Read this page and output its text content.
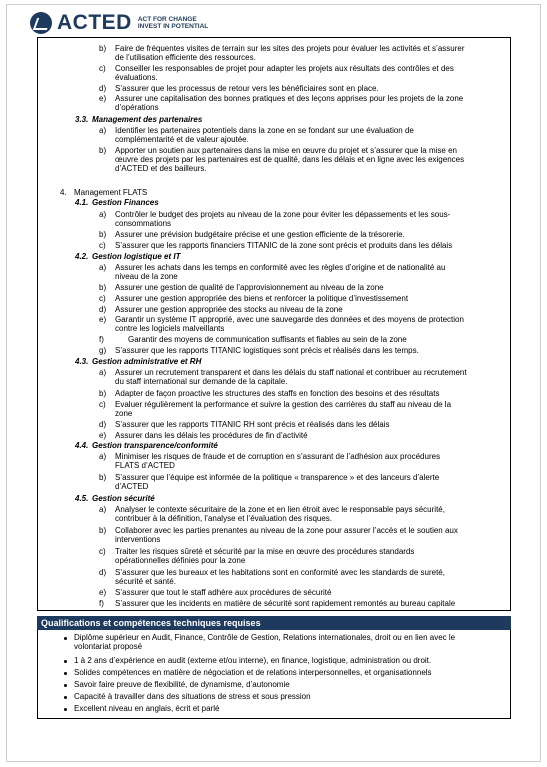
ACTED ACT FOR CHANGE
INVEST IN POTENTIAL
b) Faire de fréquentes visites de terrain sur les sites des projets pour évaluer les activités et s’assurer
de l’utilisation efficiente des ressources.
c) Conseiller les responsables de projet pour adapter les projets aux résultats des contrôles et des
évaluations.
d) S’assurer que les processus de retour vers les bénéficiaires sont en place.
e) Assurer une capitalisation des bonnes pratiques et des leçons apprises pour les projets de la zone
d’opérations
3.3. Management des partenaires
a) Identifier les partenaires potentiels dans la zone en se fondant sur une évaluation de
complémentarité et de valeur ajoutée.
b) Apporter un soutien aux partenaires dans la mise en œuvre du projet et s’assurer que la mise en
œuvre des projets par les partenaires est de qualité, dans les délais et en ligne avec les exigences
d’ACTED et des bailleurs.
4. Management FLATS
4.1. Gestion Finances
a) Contrôler le budget des projets au niveau de la zone pour éviter les dépassements et les sous-
consommations
b) Assurer une prévision budgétaire précise et une gestion efficiente de la trésorerie.
c) S’assurer que les rapports financiers TITANIC de la zone sont précis et produits dans les délais
4.2. Gestion logistique et IT
a) Assurer les achats dans les temps en conformité avec les règles d’origine et de nationalité au
niveau de la zone
b) Assurer une gestion de qualité de l’approvisionnement au niveau de la zone
c) Assurer une gestion appropriée des biens et renforcer la politique d’investissement
d) Assurer une gestion appropriée des stocks au niveau de la zone
e) Garantir un système IT approprié, avec une sauvegarde des données et des moyens de protection
contre les logiciels malveillants
f)	Garantir des moyens de communication suffisants et fiables au sein de la zone
g) S’assurer que les rapports TITANIC logistiques sont précis et réalisés dans les temps.
4.3. Gestion administrative et RH
a) Assurer un recrutement transparent et dans les délais du staff national et contribuer au recrutement
du staff international sur demande de la capitale.
b) Adapter de façon proactive les structures des staffs en fonction des besoins et des résultats
c) Evaluer régulièrement la performance et suivre la gestion des carrières du staff au niveau de la
zone
d) S’assurer que les rapports TITANIC RH sont précis et réalisés dans les délais
e) Assurer dans les délais les procédures de fin d’activité
4.4. Gestion transparence/conformité
a) Minimiser les risques de fraude et de corruption en s’assurant de l’adhésion aux procédures
FLATS d’ACTED
b) S’assurer que l’équipe est informée de la politique « transparence » et des lanceurs d’alerte
d’ACTED
4.5. Gestion sécurité
a) Analyser le contexte sécuritaire de la zone et en lien étroit avec le responsable pays sécurité,
contribuer à la définition, l’analyse et l’évaluation des risques.
b) Collaborer avec les parties prenantes au niveau de la zone pour assurer l’accès et le soutien aux
interventions
c) Traiter les risques sûreté et sécurité par la mise en œuvre des procédures standards
opérationnelles définies pour la zone
d) S’assurer que les bureaux et les habitations sont en conformité avec les standards de sureté,
sécurité et santé.
e) S’assurer que tout le staff adhère aux procédures de sécurité
f) S’assurer que les incidents en matière de sécurité sont rapidement remontés au bureau capitale
Qualifications et compétences techniques requises
Diplôme supérieur en Audit, Finance, Contrôle de Gestion, Relations internationales, droit ou en lien avec le
volontariat proposé
1 à 2 ans d’expérience en audit (externe et/ou interne), en finance, logistique, administration ou droit.
Solides compétences en matière de négociation et de relations interpersonnelles, et organisationnels
Savoir faire preuve de flexibilité, de dynamisme, d’autonomie
Capacité à travailler dans des situations de stress et sous pression
Excellent niveau en anglais, écrit et parlé
